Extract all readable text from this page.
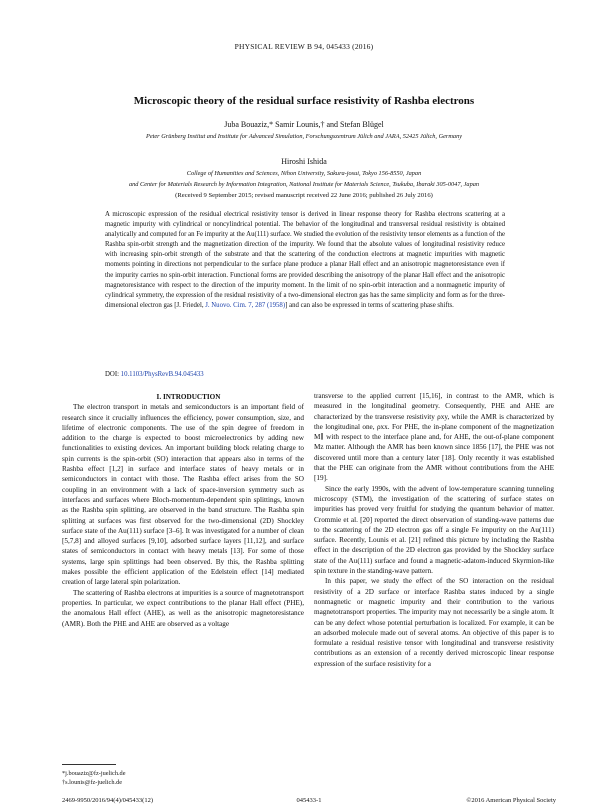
PHYSICAL REVIEW B 94, 045433 (2016)
Microscopic theory of the residual surface resistivity of Rashba electrons
Juba Bouaziz,* Samir Lounis,† and Stefan Blügel
Peter Grünberg Institut and Institute for Advanced Simulation, Forschungszentrum Jülich and JARA, 52425 Jülich, Germany
Hiroshi Ishida
College of Humanities and Sciences, Nihon University, Sakura-josui, Tokyo 156-8550, Japan
and Center for Materials Research by Information Integration, National Institute for Materials Science, Tsukuba, Ibaraki 305-0047, Japan
(Received 9 September 2015; revised manuscript received 22 June 2016; published 26 July 2016)
A microscopic expression of the residual electrical resistivity tensor is derived in linear response theory for Rashba electrons scattering at a magnetic impurity with cylindrical or noncylindrical potential. The behavior of the longitudinal and transversal residual resistivity is obtained analytically and computed for an Fe impurity at the Au(111) surface. We studied the evolution of the resistivity tensor elements as a function of the Rashba spin-orbit strength and the magnetization direction of the impurity. We found that the absolute values of longitudinal resistivity reduce with increasing spin-orbit strength of the substrate and that the scattering of the conduction electrons at magnetic impurities with magnetic moments pointing in directions not perpendicular to the surface plane produce a planar Hall effect and an anisotropic magnetoresistance even if the impurity carries no spin-orbit interaction. Functional forms are provided describing the anisotropy of the planar Hall effect and the anisotropic magnetoresistance with respect to the direction of the impurity moment. In the limit of no spin-orbit interaction and a nonmagnetic impurity of cylindrical symmetry, the expression of the residual resistivity of a two-dimensional electron gas has the same simplicity and form as for the three-dimensional electron gas [J. Friedel, J. Nuovo. Cim. 7, 287 (1958)] and can also be expressed in terms of scattering phase shifts.
DOI: 10.1103/PhysRevB.94.045433

I. INTRODUCTION

The electron transport in metals and semiconductors is an important field of research since it crucially influences the efficiency, power consumption, size, and lifetime of electronic components. The use of the spin degree of freedom in addition to the charge is expected to boost microelectronics by adding new functionalities to existing devices. An important building block relating charge to spin currents is the spin-orbit (SO) interaction that appears also in terms of the Rashba effect [1,2] in surface and interface states of heavy metals or in semiconductors in contact with those. The Rashba effect arises from the SO coupling in an environment with a lack of space-inversion symmetry such as interfaces and surfaces where Bloch-momentum-dependent spin splittings, known as the Rashba spin splitting, are observed in the band structure. The Rashba spin splitting at surfaces was first observed for the two-dimensional (2D) Shockley surface state of the Au(111) surface [3–6]. It was investigated for a number of clean [5,7,8] and alloyed surfaces [9,10], adsorbed surface layers [11,12], and surface states of semiconductors in contact with heavy metals [13]. For some of those systems, large spin splittings had been observed. By this, the Rashba splitting makes possible the efficient application of the Edelstein effect [14] mediated creation of large lateral spin polarization.

The scattering of Rashba electrons at impurities is a source of magnetotransport properties. In particular, we expect contributions to the planar Hall effect (PHE), the anomalous Hall effect (AHE), as well as the anisotropic magnetoresistance (AMR). Both the PHE and AHE are observed as a voltage

transverse to the applied current [15,16], in contrast to the AMR, which is measured in the longitudinal geometry. Consequently, PHE and AHE are characterized by the transverse resistivity ρxy, while the AMR is characterized by the longitudinal one, ρxx. For PHE, the in-plane component of the magnetization M∥ with respect to the interface plane and, for AHE, the out-of-plane component Mz matter. Although the AMR has been known since 1856 [17], the PHE was not discovered until more than a century later [18]. Only recently it was established that the PHE can originate from the AMR without contributions from the AHE [19].

Since the early 1990s, with the advent of low-temperature scanning tunneling microscopy (STM), the investigation of the scattering of surface states on impurities has proved very fruitful for studying the quantum behavior of matter. Crommie et al. [20] reported the direct observation of standing-wave patterns due to the scattering of the 2D electron gas off a single Fe impurity on the Au(111) surface. Recently, Lounis et al. [21] refined this picture by including the Rashba effect in the description of the 2D electron gas provided by the Shockley surface state of the Au(111) surface and found a magnetic-adatom-induced Skyrmion-like spin texture in the standing-wave pattern.

In this paper, we study the effect of the SO interaction on the residual resistivity of a 2D surface or interface Rashba states induced by a single nonmagnetic or magnetic impurity and their contribution to the various magnetotransport properties. The impurity may not necessarily be a single atom. It can be any defect whose potential perturbation is localized. For example, it can be an adsorbed molecule made out of several atoms. An objective of this paper is to formulate a residual resistive tensor with longitudinal and transverse resistivity contributions as an extension of a recently derived microscopic linear response expression of the surface resistivity for a

*j.bouaziz@fz-juelich.de
†s.lounis@fz-juelich.de
2469-9950/2016/94(4)/045433(12)	045433-1	©2016 American Physical Society
